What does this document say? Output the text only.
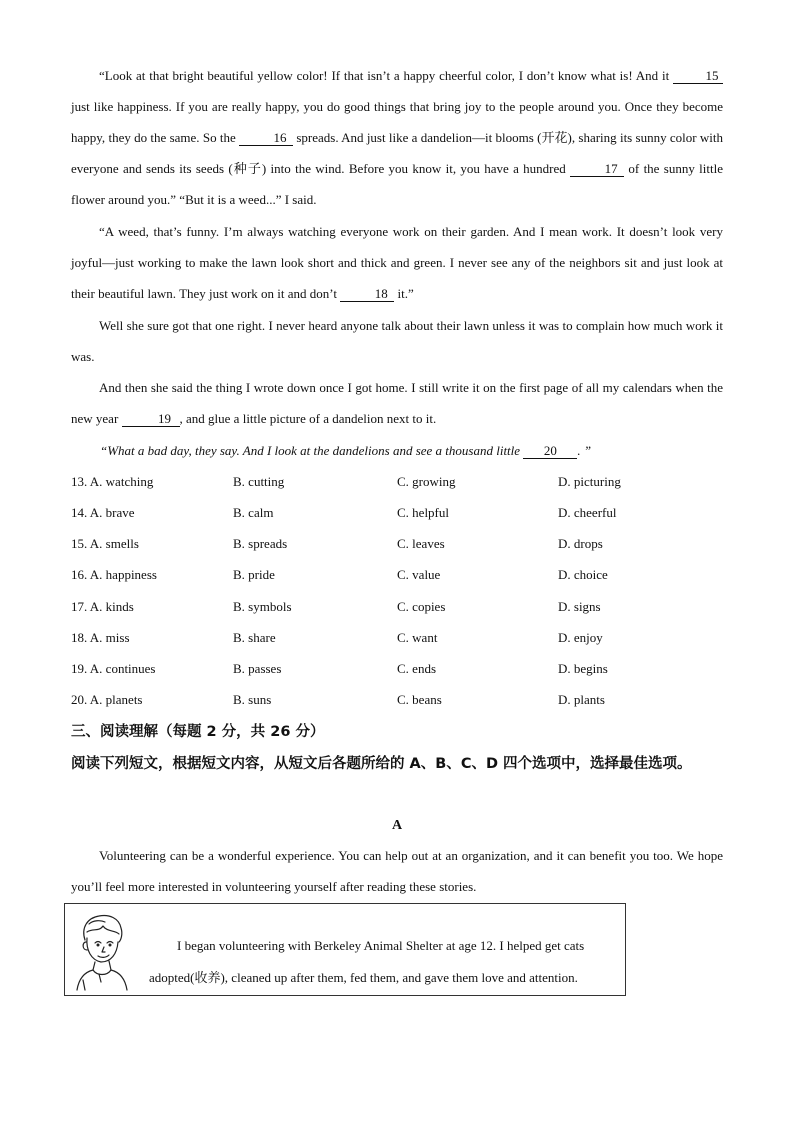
“Look at that bright beautiful yellow color! If that isn’t a happy cheerful color, I don’t know what is! And it	15 just like happiness. If you are really happy, you do good things that bring joy to the people around you. Once they become happy, they do the same. So the	16 spreads. And just like a dandelion—it blooms (开花), sharing its sunny color with everyone and sends its seeds (种子) into the wind. Before you know it, you have a hundred	17 of the sunny little flower around you.” “But it is a weed...” I said.

“A weed, that’s funny. I’m always watching everyone work on their garden. And I mean work. It doesn’t look very joyful—just working to make the lawn look short and thick and green. I never see any of the neighbors sit and just look at their beautiful lawn. They just work on it and don’t	18 it.”

Well she sure got that one right. I never heard anyone talk about their lawn unless it was to complain how much work it was.

And then she said the thing I wrote down once I got home. I still write it on the first page of all my calendars when the new year	19 , and glue a little picture of a dandelion next to it.

“What a bad day, they say. And I look at the dandelions and see a thousand little 20 . ”

13. A. watching	B. cutting	C. growing	D. picturing
14. A. brave	B. calm	C. helpful	D. cheerful
15. A. smells	B. spreads	C. leaves	D. drops
16. A. happiness	B. pride	C. value	D. choice
17. A. kinds	B. symbols	C. copies	D. signs
18. A. miss	B. share	C. want	D. enjoy
19. A. continues	B. passes	C. ends	D. begins
20. A. planets	B. suns	C. beans	D. plants

三、阅读理解（每题 2 分，共 26 分）

阅读下列短文，根据短文内容，从短文后各题所给的 A、B、C、D 四个选项中，选择最佳选项。

A

Volunteering can be a wonderful experience. You can help out at an organization, and it can benefit you too. We hope you’ll feel more interested in volunteering yourself after reading these stories.

I began volunteering with Berkeley Animal Shelter at age 12. I helped get cats
adopted(收养), cleaned up after them, fed them, and gave them love and attention.
